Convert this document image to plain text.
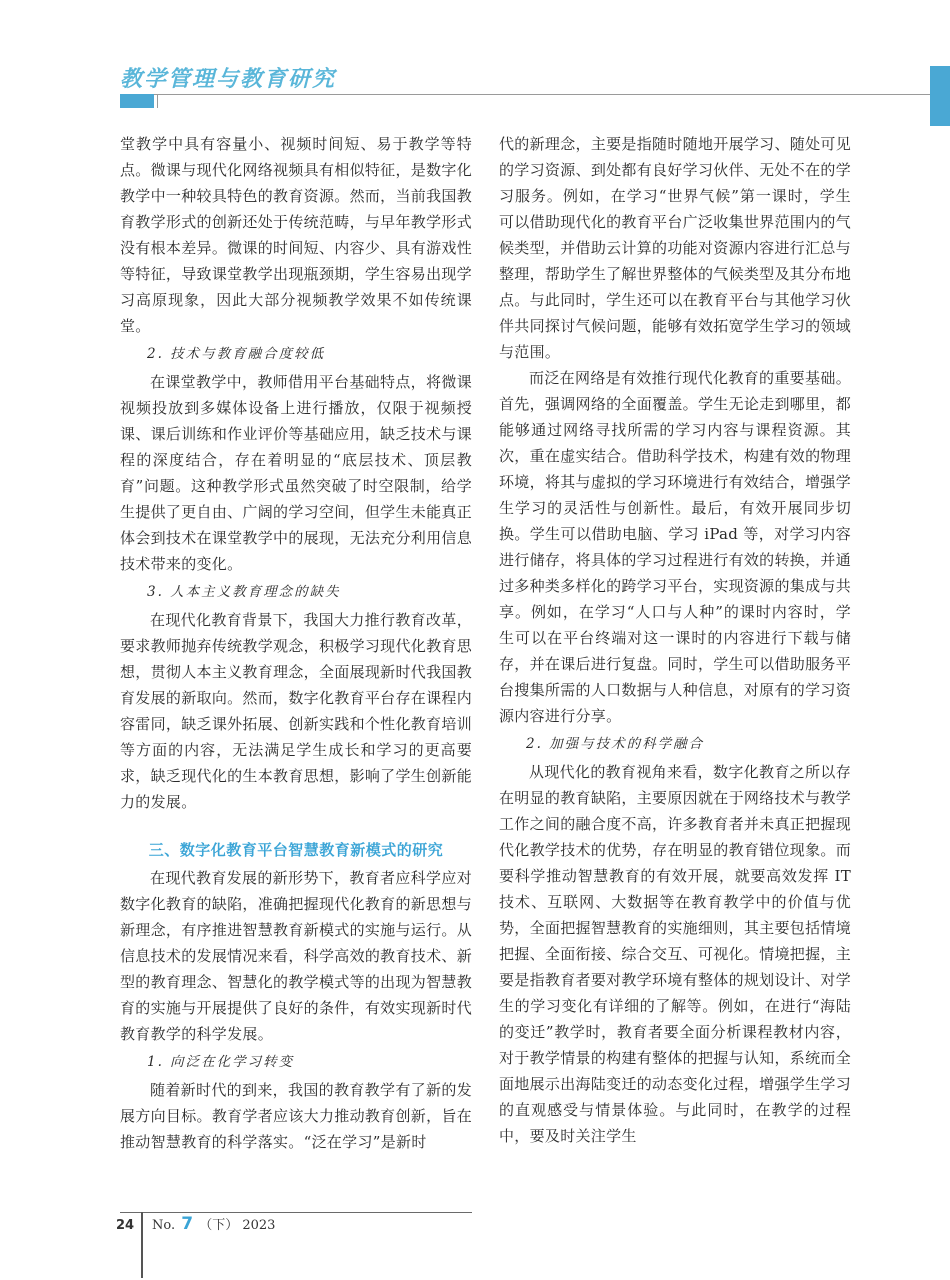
教学管理与教育研究

堂教学中具有容量小、视频时间短、易于教学等特点。微课与现代化网络视频具有相似特征，是数字化教学中一种较具特色的教育资源。然而，当前我国教育教学形式的创新还处于传统范畴，与早年教学形式没有根本差异。微课的时间短、内容少、具有游戏性等特征，导致课堂教学出现瓶颈期，学生容易出现学习高原现象，因此大部分视频教学效果不如传统课堂。

2. 技术与教育融合度较低

在课堂教学中，教师借用平台基础特点，将微课视频投放到多媒体设备上进行播放，仅限于视频授课、课后训练和作业评价等基础应用，缺乏技术与课程的深度结合，存在着明显的“底层技术、顶层教育”问题。这种教学形式虽然突破了时空限制，给学生提供了更自由、广阔的学习空间，但学生未能真正体会到技术在课堂教学中的展现，无法充分利用信息技术带来的变化。

3. 人本主义教育理念的缺失

在现代化教育背景下，我国大力推行教育改革，要求教师抛弃传统教学观念，积极学习现代化教育思想，贯彻人本主义教育理念，全面展现新时代我国教育发展的新取向。然而，数字化教育平台存在课程内容雷同，缺乏课外拓展、创新实践和个性化教育培训等方面的内容，无法满足学生成长和学习的更高要求，缺乏现代化的生本教育思想，影响了学生创新能力的发展。

三、数字化教育平台智慧教育新模式的研究

在现代教育发展的新形势下，教育者应科学应对数字化教育的缺陷，准确把握现代化教育的新思想与新理念，有序推进智慧教育新模式的实施与运行。从信息技术的发展情况来看，科学高效的教育技术、新型的教育理念、智慧化的教学模式等的出现为智慧教育的实施与开展提供了良好的条件，有效实现新时代教育教学的科学发展。

1. 向泛在化学习转变

随着新时代的到来，我国的教育教学有了新的发展方向目标。教育学者应该大力推动教育创新，旨在推动智慧教育的科学落实。“泛在学习”是新时

代的新理念，主要是指随时随地开展学习、随处可见的学习资源、到处都有良好学习伙伴、无处不在的学习服务。例如，在学习“世界气候”第一课时，学生可以借助现代化的教育平台广泛收集世界范围内的气候类型，并借助云计算的功能对资源内容进行汇总与整理，帮助学生了解世界整体的气候类型及其分布地点。与此同时，学生还可以在教育平台与其他学习伙伴共同探讨气候问题，能够有效拓宽学生学习的领域与范围。

而泛在网络是有效推行现代化教育的重要基础。首先，强调网络的全面覆盖。学生无论走到哪里，都能够通过网络寻找所需的学习内容与课程资源。其次，重在虚实结合。借助科学技术，构建有效的物理环境，将其与虚拟的学习环境进行有效结合，增强学生学习的灵活性与创新性。最后，有效开展同步切换。学生可以借助电脑、学习 iPad 等，对学习内容进行储存，将具体的学习过程进行有效的转换，并通过多种类多样化的跨学习平台，实现资源的集成与共享。例如，在学习“人口与人种”的课时内容时，学生可以在平台终端对这一课时的内容进行下载与储存，并在课后进行复盘。同时，学生可以借助服务平台搜集所需的人口数据与人种信息，对原有的学习资源内容进行分享。

2. 加强与技术的科学融合

从现代化的教育视角来看，数字化教育之所以存在明显的教育缺陷，主要原因就在于网络技术与教学工作之间的融合度不高，许多教育者并未真正把握现代化教学技术的优势，存在明显的教育错位现象。而要科学推动智慧教育的有效开展，就要高效发挥 IT 技术、互联网、大数据等在教育教学中的价值与优势，全面把握智慧教育的实施细则，其主要包括情境把握、全面衔接、综合交互、可视化。情境把握，主要是指教育者要对教学环境有整体的规划设计、对学生的学习变化有详细的了解等。例如，在进行“海陆的变迁”教学时，教育者要全面分析课程教材内容，对于教学情景的构建有整体的把握与认知，系统而全面地展示出海陆变迁的动态变化过程，增强学生学习的直观感受与情景体验。与此同时，在教学的过程中，要及时关注学生

24 No. 7 （下） 2023
